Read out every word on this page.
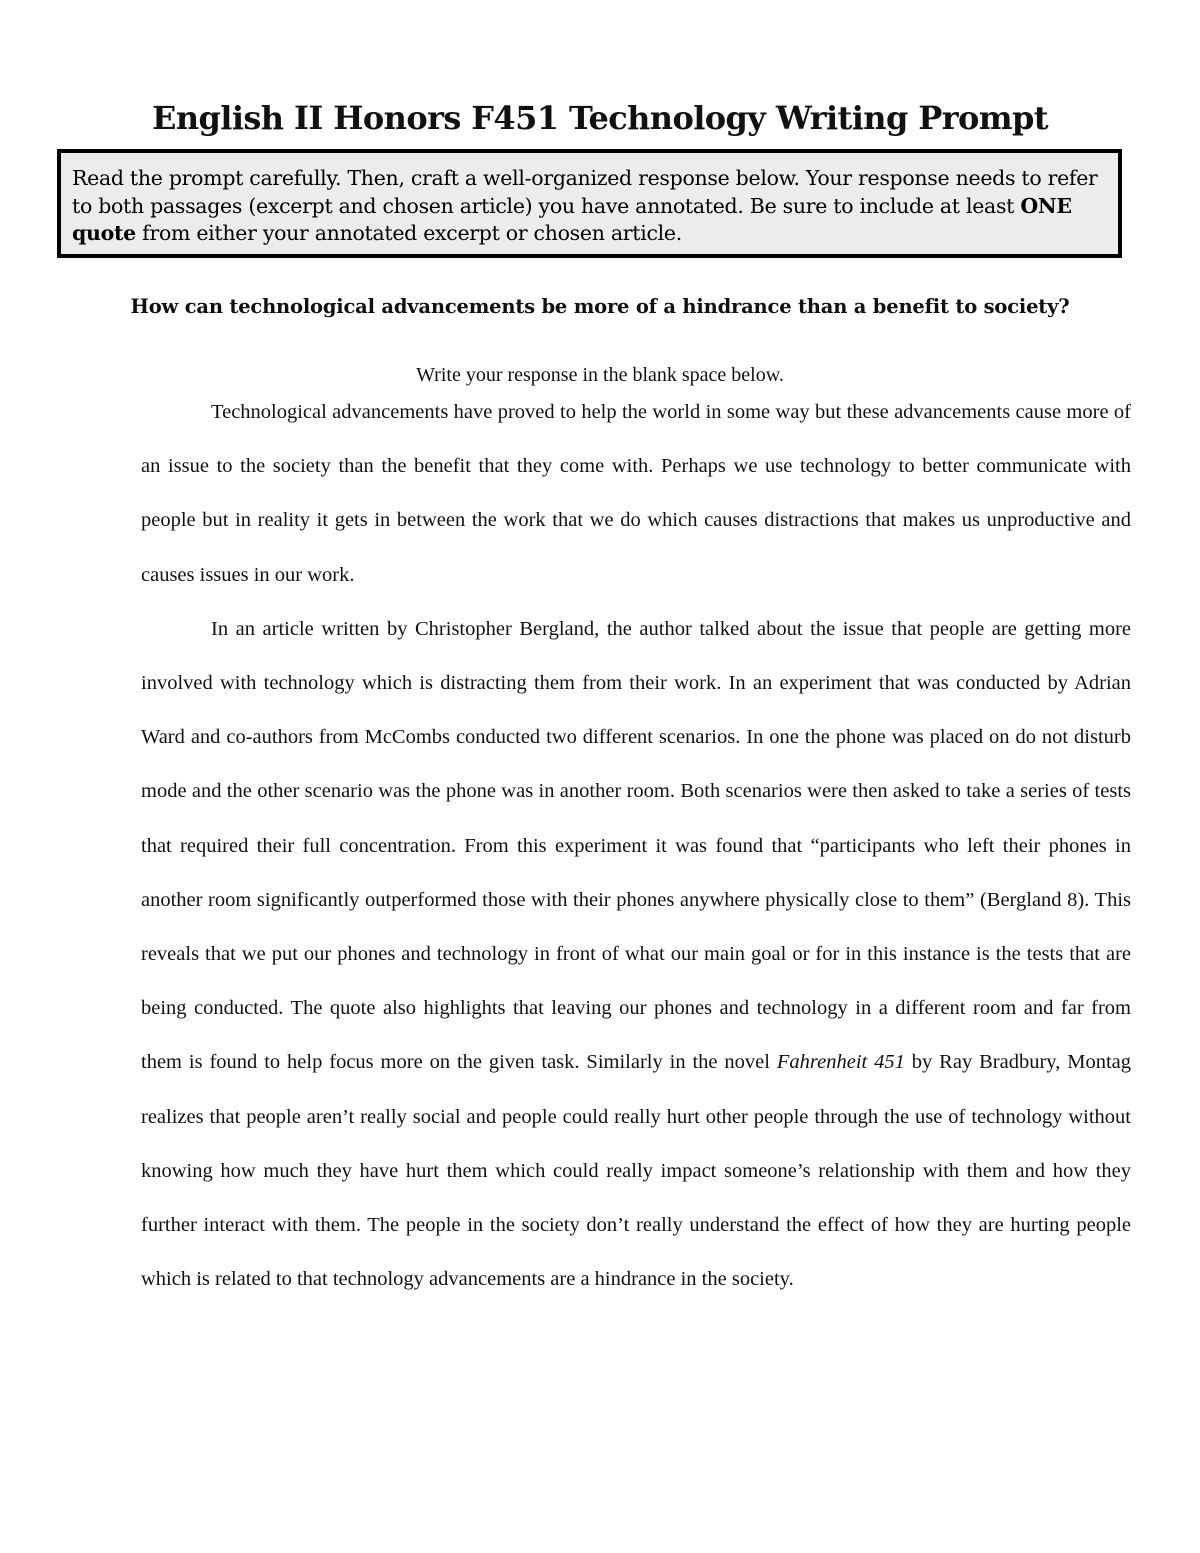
English II Honors F451 Technology Writing Prompt

Read the prompt carefully. Then, craft a well-organized response below. Your response needs to refer to both passages (excerpt and chosen article) you have annotated. Be sure to include at least ONE quote from either your annotated excerpt or chosen article.

How can technological advancements be more of a hindrance than a benefit to society?

Write your response in the blank space below.

Technological advancements have proved to help the world in some way but these advancements cause more of an issue to the society than the benefit that they come with. Perhaps we use technology to better communicate with people but in reality it gets in between the work that we do which causes distractions that makes us unproductive and causes issues in our work.

In an article written by Christopher Bergland, the author talked about the issue that people are getting more involved with technology which is distracting them from their work. In an experiment that was conducted by Adrian Ward and co-authors from McCombs conducted two different scenarios. In one the phone was placed on do not disturb mode and the other scenario was the phone was in another room. Both scenarios were then asked to take a series of tests that required their full concentration. From this experiment it was found that “participants who left their phones in another room significantly outperformed those with their phones anywhere physically close to them” (Bergland 8). This reveals that we put our phones and technology in front of what our main goal or for in this instance is the tests that are being conducted. The quote also highlights that leaving our phones and technology in a different room and far from them is found to help focus more on the given task. Similarly in the novel Fahrenheit 451 by Ray Bradbury, Montag realizes that people aren’t really social and people could really hurt other people through the use of technology without knowing how much they have hurt them which could really impact someone’s relationship with them and how they further interact with them. The people in the society don’t really understand the effect of how they are hurting people which is related to that technology advancements are a hindrance in the society.
